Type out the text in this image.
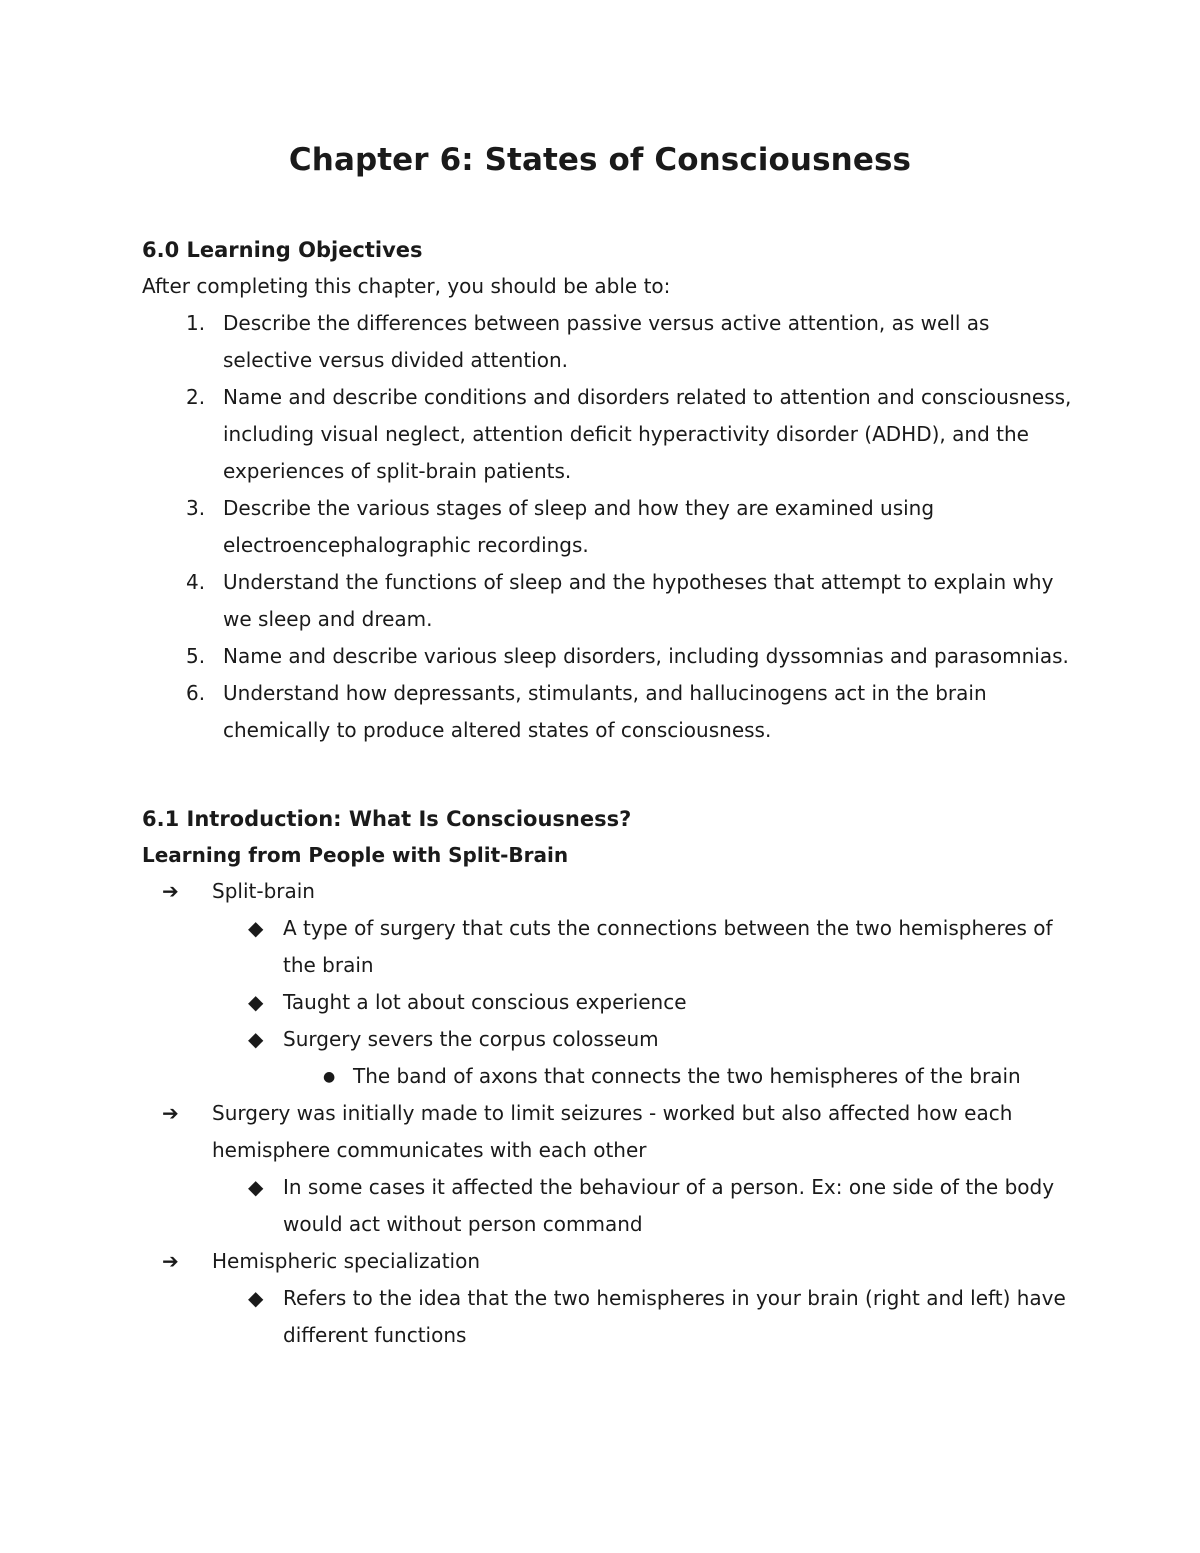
Chapter 6: States of Consciousness
6.0 Learning Objectives

After completing this chapter, you should be able to:

1. Describe the differences between passive versus active attention, as well as selective versus divided attention.
2. Name and describe conditions and disorders related to attention and consciousness, including visual neglect, attention deficit hyperactivity disorder (ADHD), and the experiences of split-brain patients.
3. Describe the various stages of sleep and how they are examined using electroencephalographic recordings.
4. Understand the functions of sleep and the hypotheses that attempt to explain why we sleep and dream.
5. Name and describe various sleep disorders, including dyssomnias and parasomnias.
6. Understand how depressants, stimulants, and hallucinogens act in the brain chemically to produce altered states of consciousness.
6.1 Introduction: What Is Consciousness?
Learning from People with Split-Brain
➔ Split-brain
◆ A type of surgery that cuts the connections between the two hemispheres of the brain
◆ Taught a lot about conscious experience
◆ Surgery severs the corpus colosseum
● The band of axons that connects the two hemispheres of the brain
➔ Surgery was initially made to limit seizures - worked but also affected how each hemisphere communicates with each other
◆ In some cases it affected the behaviour of a person. Ex: one side of the body would act without person command
➔ Hemispheric specialization
◆ Refers to the idea that the two hemispheres in your brain (right and left) have different functions
